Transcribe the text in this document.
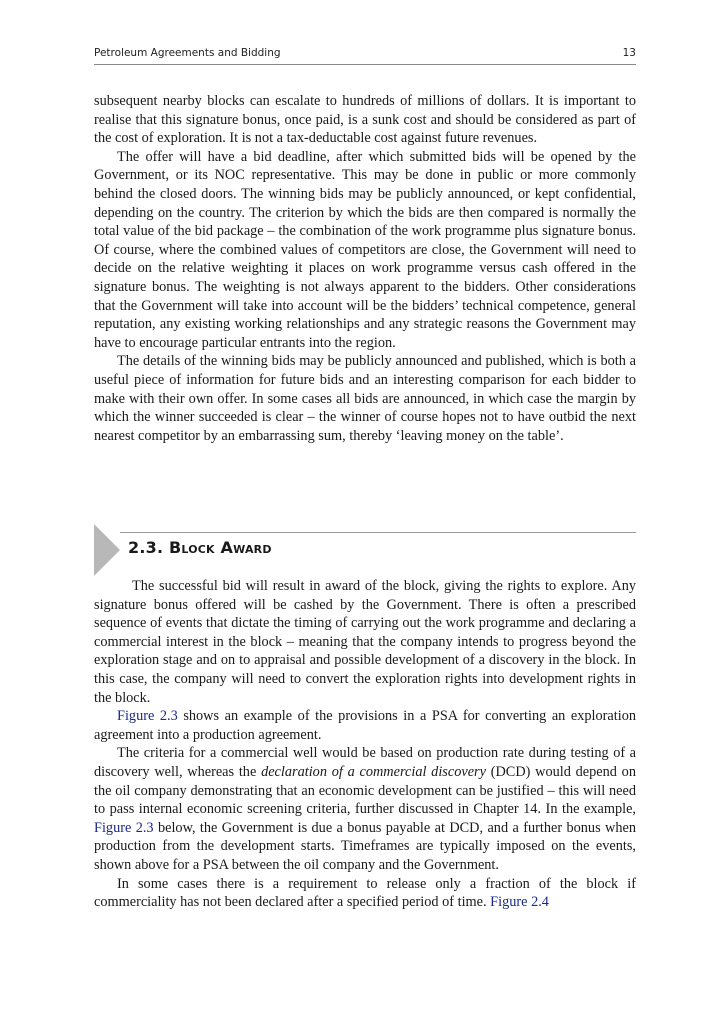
Petroleum Agreements and Bidding	13

subsequent nearby blocks can escalate to hundreds of millions of dollars. It is important to realise that this signature bonus, once paid, is a sunk cost and should be considered as part of the cost of exploration. It is not a tax-deductable cost against future revenues.

The offer will have a bid deadline, after which submitted bids will be opened by the Government, or its NOC representative. This may be done in public or more commonly behind the closed doors. The winning bids may be publicly announced, or kept confidential, depending on the country. The criterion by which the bids are then compared is normally the total value of the bid package – the combination of the work programme plus signature bonus. Of course, where the combined values of competitors are close, the Government will need to decide on the relative weighting it places on work programme versus cash offered in the signature bonus. The weighting is not always apparent to the bidders. Other considerations that the Government will take into account will be the bidders’ technical competence, general reputation, any existing working relationships and any strategic reasons the Government may have to encourage particular entrants into the region.

The details of the winning bids may be publicly announced and published, which is both a useful piece of information for future bids and an interesting comparison for each bidder to make with their own offer. In some cases all bids are announced, in which case the margin by which the winner succeeded is clear – the winner of course hopes not to have outbid the next nearest competitor by an embarrassing sum, thereby ‘leaving money on the table’.

2.3. Block Award

The successful bid will result in award of the block, giving the rights to explore. Any signature bonus offered will be cashed by the Government. There is often a prescribed sequence of events that dictate the timing of carrying out the work programme and declaring a commercial interest in the block – meaning that the company intends to progress beyond the exploration stage and on to appraisal and possible development of a discovery in the block. In this case, the company will need to convert the exploration rights into development rights in the block.

Figure 2.3 shows an example of the provisions in a PSA for converting an exploration agreement into a production agreement.

The criteria for a commercial well would be based on production rate during testing of a discovery well, whereas the declaration of a commercial discovery (DCD) would depend on the oil company demonstrating that an economic development can be justified – this will need to pass internal economic screening criteria, further discussed in Chapter 14. In the example, Figure 2.3 below, the Government is due a bonus payable at DCD, and a further bonus when production from the development starts. Timeframes are typically imposed on the events, shown above for a PSA between the oil company and the Government.

In some cases there is a requirement to release only a fraction of the block if commerciality has not been declared after a specified period of time. Figure 2.4
